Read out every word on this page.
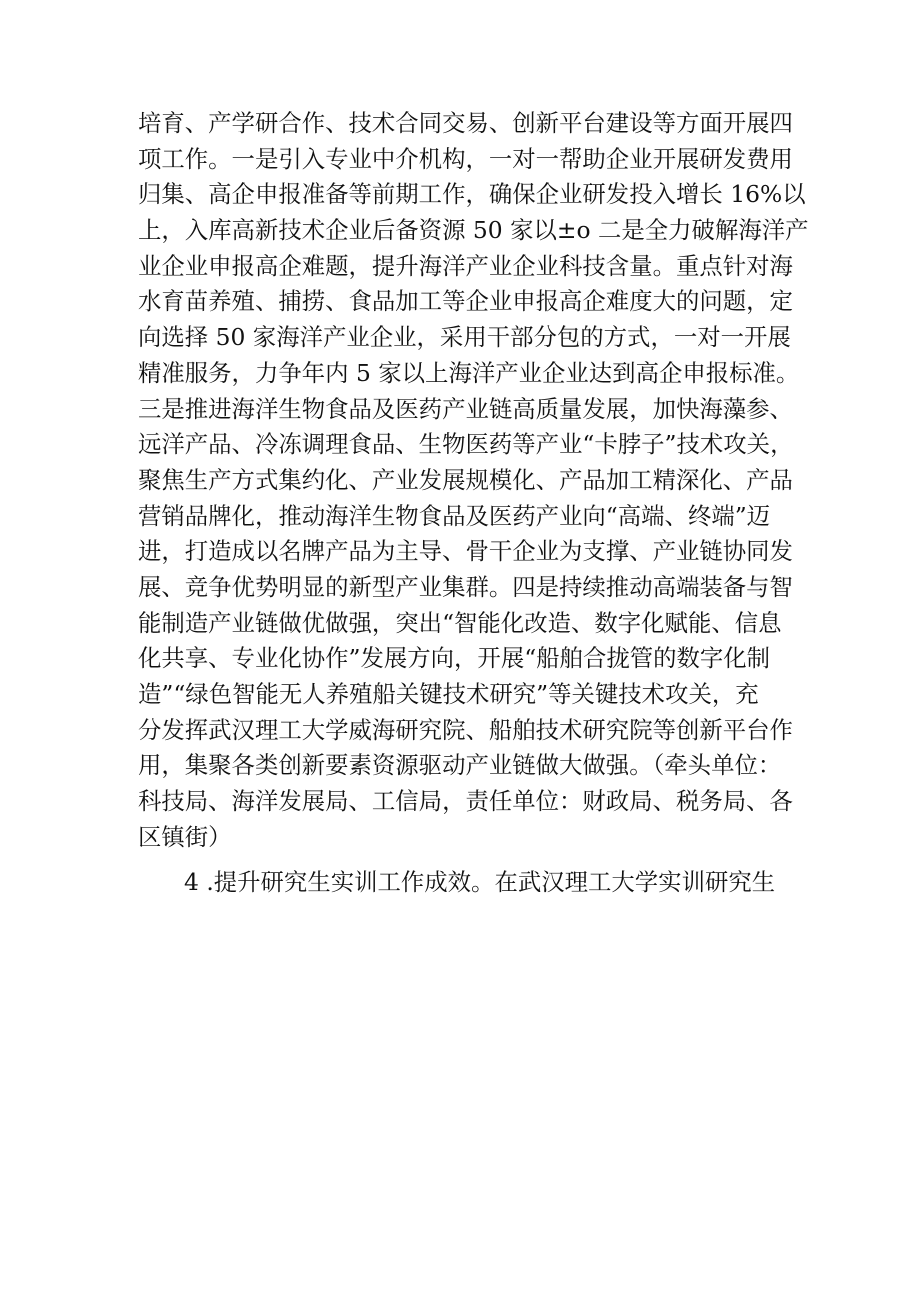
培育、产学研合作、技术合同交易、创新平台建设等方面开展四
项工作。一是引入专业中介机构，一对一帮助企业开展研发费用
归集、高企申报准备等前期工作，确保企业研发投入增长 16%以
上，入库高新技术企业后备资源 50 家以±o 二是全力破解海洋产
业企业申报高企难题，提升海洋产业企业科技含量。重点针对海
水育苗养殖、捕捞、食品加工等企业申报高企难度大的问题，定
向选择 50 家海洋产业企业，采用干部分包的方式，一对一开展
精准服务，力争年内 5 家以上海洋产业企业达到高企申报标准。
三是推进海洋生物食品及医药产业链高质量发展，加快海藻参、
远洋产品、冷冻调理食品、生物医药等产业“卡脖子”技术攻关，
聚焦生产方式集约化、产业发展规模化、产品加工精深化、产品
营销品牌化，推动海洋生物食品及医药产业向“高端、终端”迈
进，打造成以名牌产品为主导、骨干企业为支撑、产业链协同发
展、竞争优势明显的新型产业集群。四是持续推动高端装备与智
能制造产业链做优做强，突出“智能化改造、数字化赋能、信息
化共享、专业化协作”发展方向，开展“船舶合拢管的数字化制
造”“绿色智能无人养殖船关键技术研究”等关键技术攻关，充
分发挥武汉理工大学威海研究院、船舶技术研究院等创新平台作
用，集聚各类创新要素资源驱动产业链做大做强。（牵头单位：
科技局、海洋发展局、工信局，责任单位：财政局、税务局、各
区镇街）
4 .提升研究生实训工作成效。在武汉理工大学实训研究生
